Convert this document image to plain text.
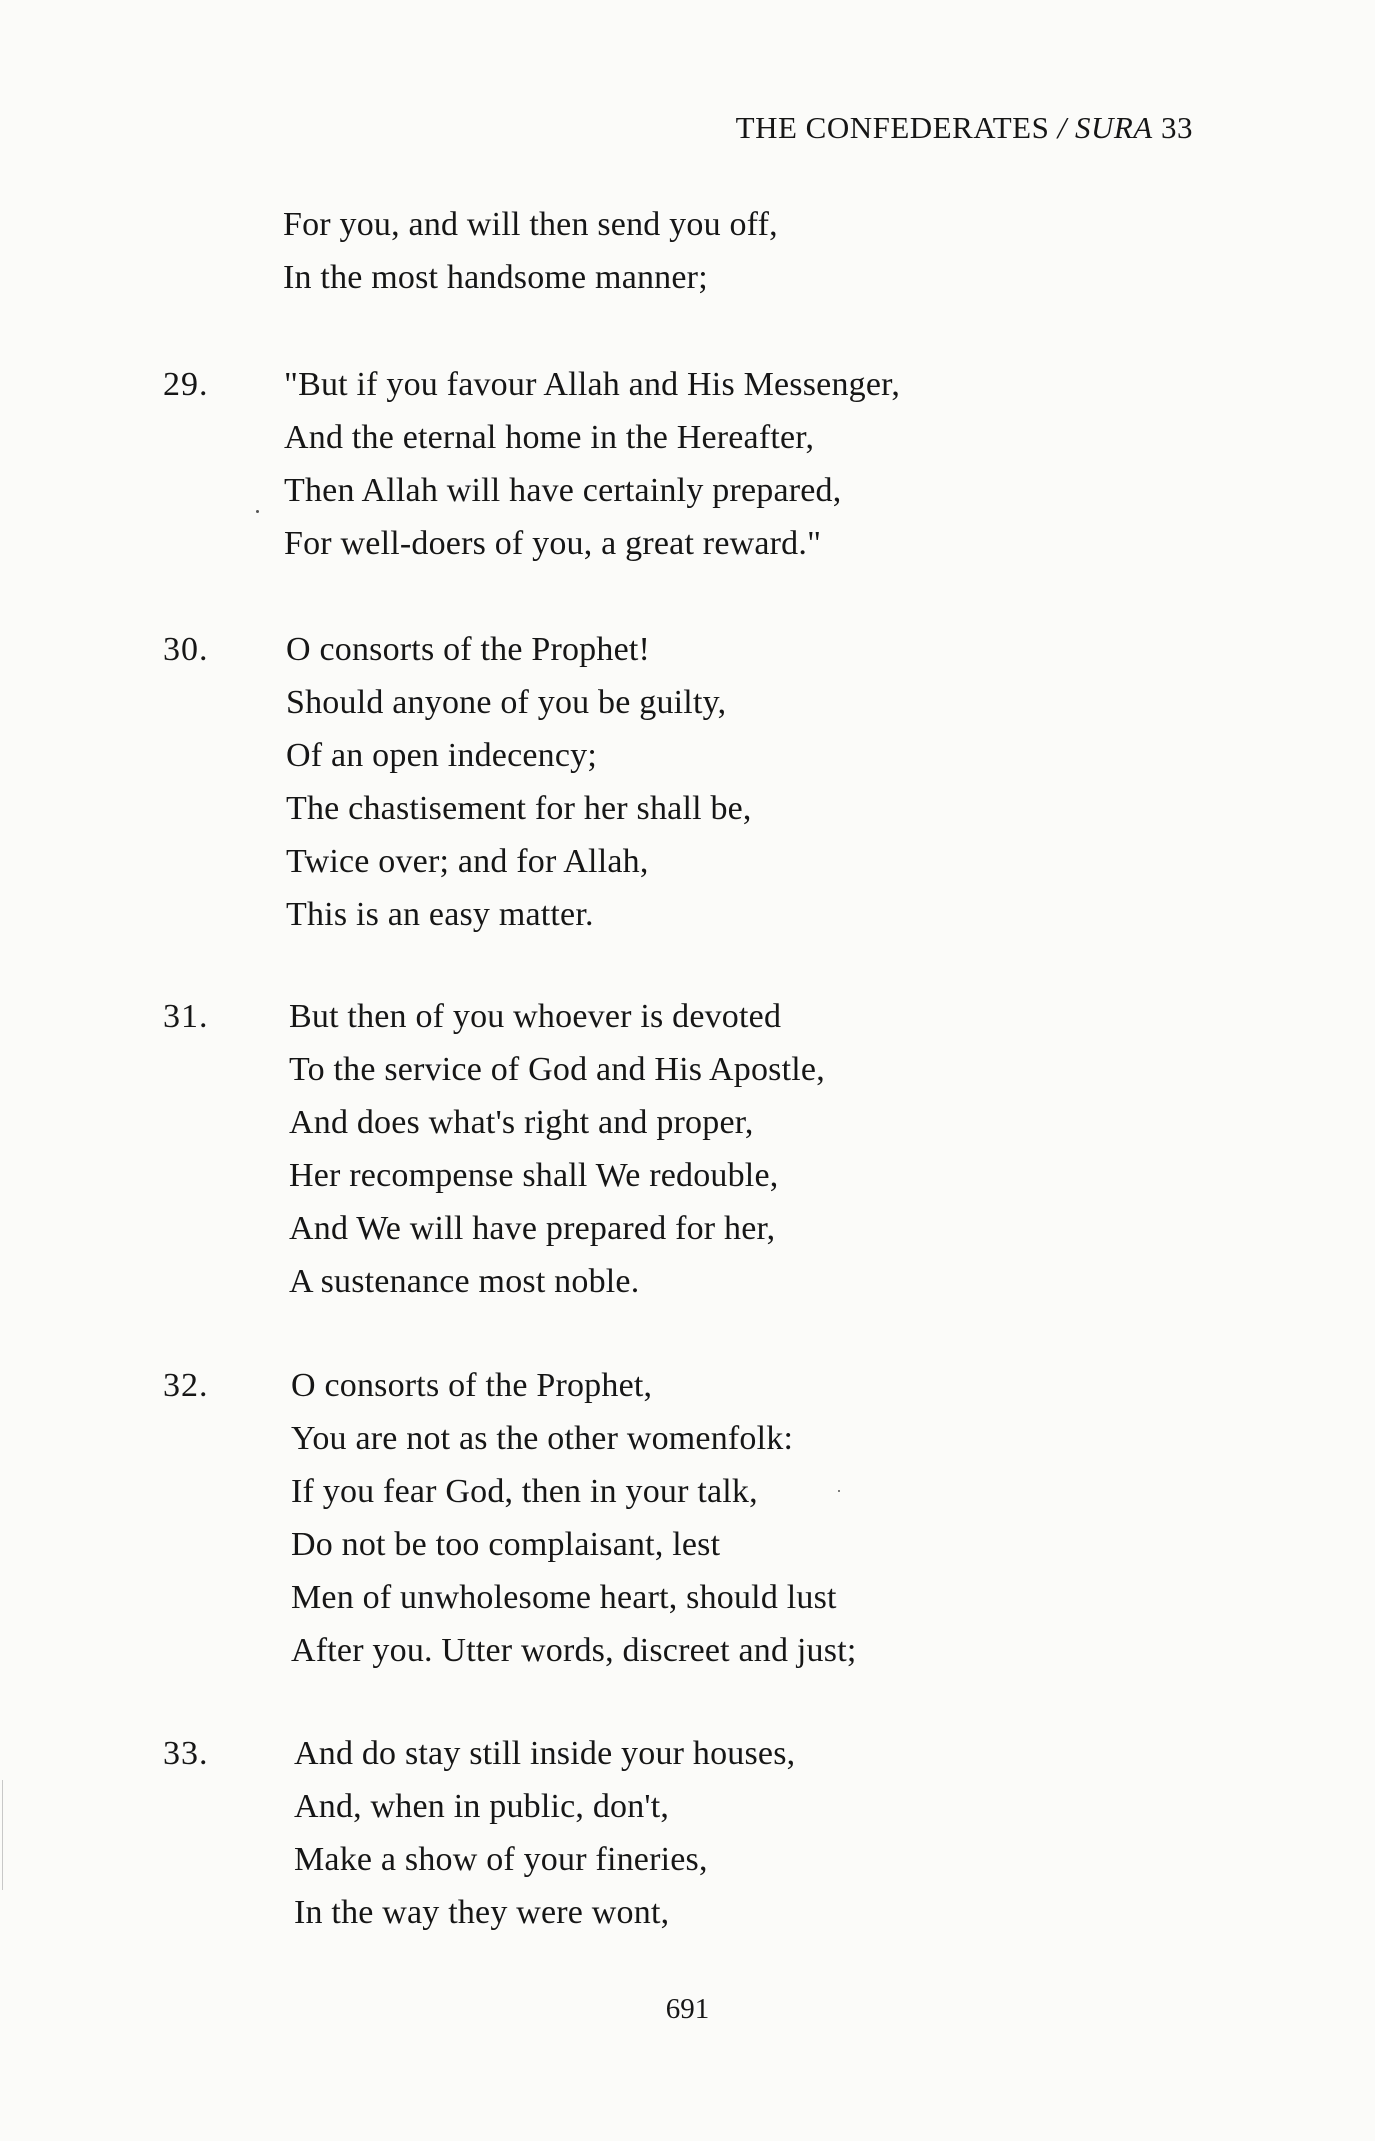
THE CONFEDERATES / SURA 33
For you, and will then send you off,
In the most handsome manner;
29. "But if you favour Allah and His Messenger,
And the eternal home in the Hereafter,
Then Allah will have certainly prepared,
For well-doers of you, a great reward."
30. O consorts of the Prophet!
Should anyone of you be guilty,
Of an open indecency;
The chastisement for her shall be,
Twice over; and for Allah,
This is an easy matter.
31. But then of you whoever is devoted
To the service of God and His Apostle,
And does what's right and proper,
Her recompense shall We redouble,
And We will have prepared for her,
A sustenance most noble.
32. O consorts of the Prophet,
You are not as the other womenfolk:
If you fear God, then in your talk,
Do not be too complaisant, lest
Men of unwholesome heart, should lust
After you. Utter words, discreet and just;
33.	And do stay still inside your houses,
And, when in public, don't,
Make a show of your fineries,
In the way they were wont,
691
